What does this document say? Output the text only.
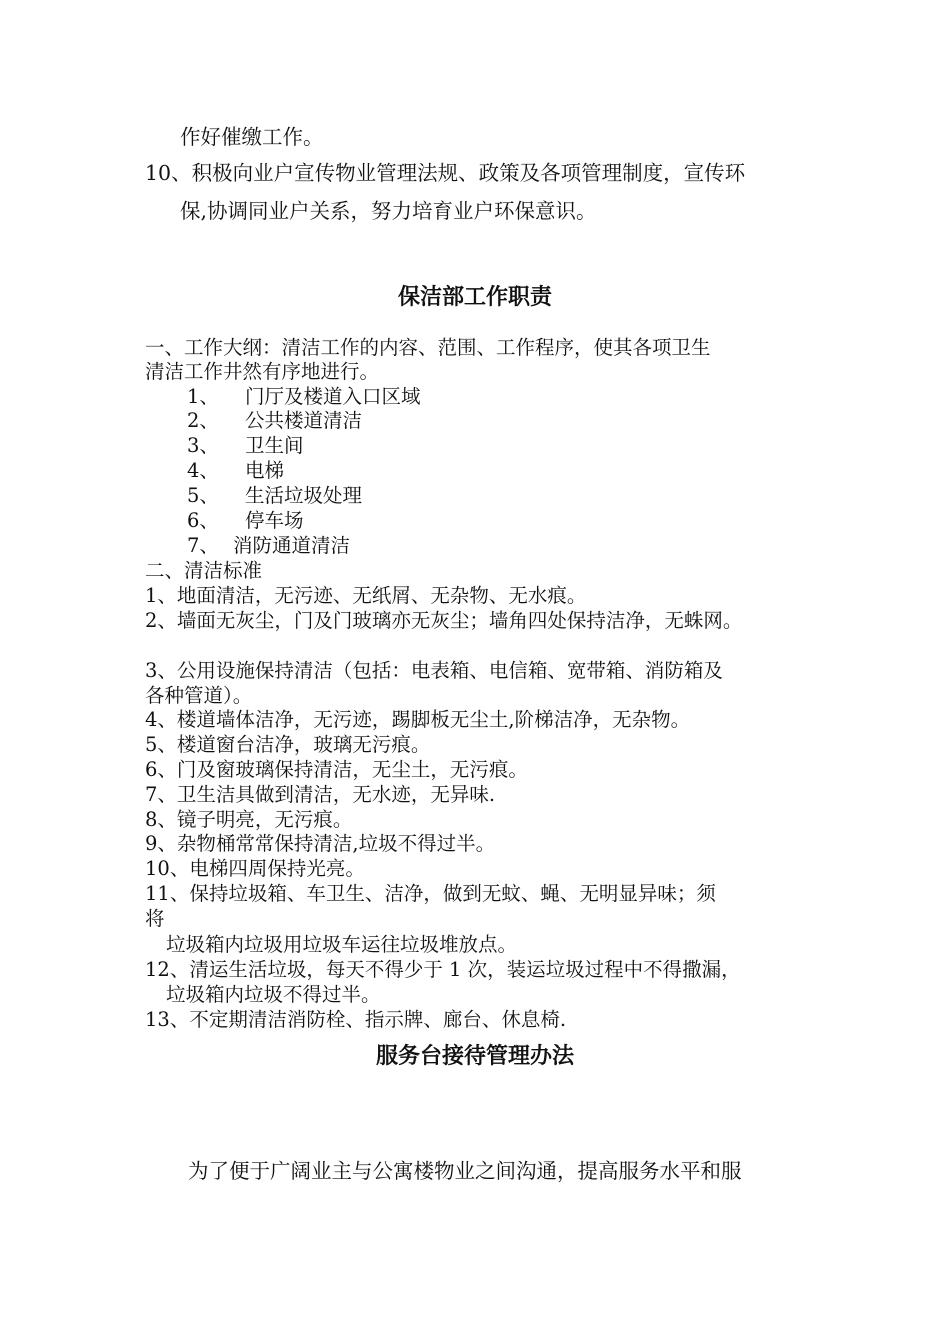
作好催缴工作。
10、积极向业户宣传物业管理法规、政策及各项管理制度，宣传环
保,协调同业户关系，努力培育业户环保意识。
保洁部工作职责
一、工作大纲：清洁工作的内容、范围、工作程序，使其各项卫生
清洁工作井然有序地进行。
1、 门厅及楼道入口区域
2、 公共楼道清洁
3、 卫生间
4、 电梯
5、 生活垃圾处理
6、 停车场
7、 消防通道清洁
二、清洁标准
1、地面清洁，无污迹、无纸屑、无杂物、无水痕。
2、墙面无灰尘，门及门玻璃亦无灰尘；墙角四处保持洁净，无蛛网。
3、公用设施保持清洁（包括：电表箱、电信箱、宽带箱、消防箱及
各种管道）。
4、楼道墙体洁净，无污迹，踢脚板无尘土,阶梯洁净，无杂物。
5、楼道窗台洁净，玻璃无污痕。
6、门及窗玻璃保持清洁，无尘土，无污痕。
7、卫生洁具做到清洁，无水迹，无异味.
8、镜子明亮，无污痕。
9、杂物桶常常保持清洁,垃圾不得过半。
10、电梯四周保持光亮。
11、保持垃圾箱、车卫生、洁净，做到无蚊、蝇、无明显异味；须
将
垃圾箱内垃圾用垃圾车运往垃圾堆放点。
12、清运生活垃圾，每天不得少于 1 次，装运垃圾过程中不得撒漏，
垃圾箱内垃圾不得过半。
13、不定期清洁消防栓、指示牌、廊台、休息椅.
服务台接待管理办法
为了便于广阔业主与公寓楼物业之间沟通，提高服务水平和服
